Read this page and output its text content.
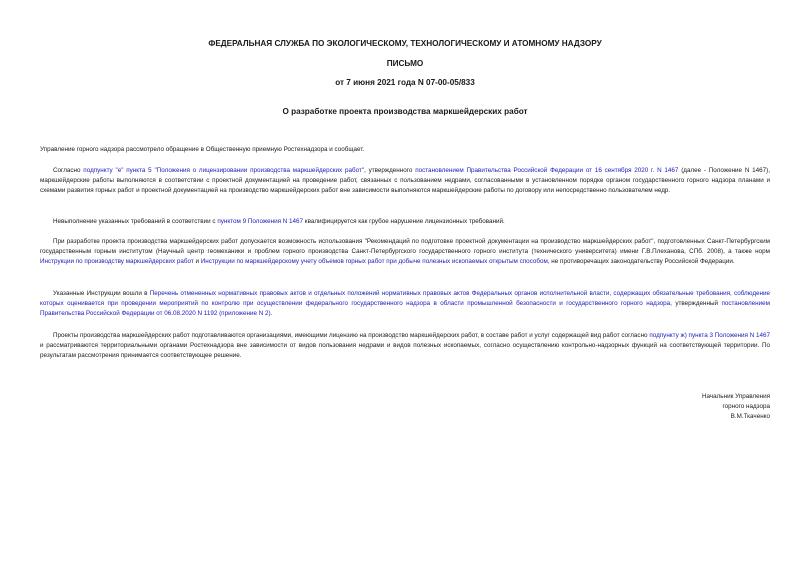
ФЕДЕРАЛЬНАЯ СЛУЖБА ПО ЭКОЛОГИЧЕСКОМУ, ТЕХНОЛОГИЧЕСКОМУ И АТОМНОМУ НАДЗОРУ
ПИСЬМО
от 7 июня 2021 года N 07-00-05/833
О разработке проекта производства маркшейдерских работ

Управление горного надзора рассмотрело обращение в Общественную приемную Ростехнадзора и сообщает.

Согласно подпункту "е" пункта 5 "Положения о лицензировании производства маркшейдерских работ", утвержденного постановлением Правительства Российской Федерации от 16 сентября 2020 г. N 1467 (далее - Положение N 1467), маркшейдерские работы выполняются в соответствии с проектной документацией на проведение работ, связанных с пользованием недрами, согласованными в установленном порядке органом государственного горного надзора планами и схемами развития горных работ и проектной документацией на производство маркшейдерских работ вне зависимости выполняются маркшейдерские работы по договору или непосредственно пользователем недр.

Невыполнение указанных требований в соответствии с пунктом 9 Положения N 1467 квалифицируется как грубое нарушение лицензионных требований.

При разработке проекта производства маркшейдерских работ допускается возможность использования "Рекомендаций по подготовке проектной документации на производство маркшейдерских работ", подготовленных Санкт-Петербургским государственным горным институтом (Научный центр геомеханики и проблем горного производства Санкт-Петербургского государственного горного института (технического университета) имени Г.В.Плеханова, СПб. 2008), а также норм Инструкции по производству маркшейдерских работ и Инструкции по маркшейдерскому учету объемов горных работ при добыче полезных ископаемых открытым способом, не противоречащих законодательству Российской Федерации.

Указанные Инструкции вошли в Перечень отмененных нормативных правовых актов и отдельных положений нормативных правовых актов Федеральных органов исполнительной власти, содержащих обязательные требования, соблюдение которых оценивается при проведении мероприятий по контролю при осуществлении федерального государственного надзора в области промышленной безопасности и государственного горного надзора, утвержденный постановлением Правительства Российской Федерации от 06.08.2020 N 1192 (приложение N 2).

Проекты производства маркшейдерских работ подготавливаются организациями, имеющими лицензию на производство маркшейдерских работ, в составе работ и услуг содержащей вид работ согласно подпункту ж) пункта 3 Положения N 1467 и рассматриваются территориальными органами Ростехнадзора вне зависимости от видов пользования недрами и видов полезных ископаемых, согласно осуществлению контрольно-надзорных функций на соответствующей территории. По результатам рассмотрения принимается соответствующее решение.

Начальник Управления
горного надзора
В.М.Ткаченко
